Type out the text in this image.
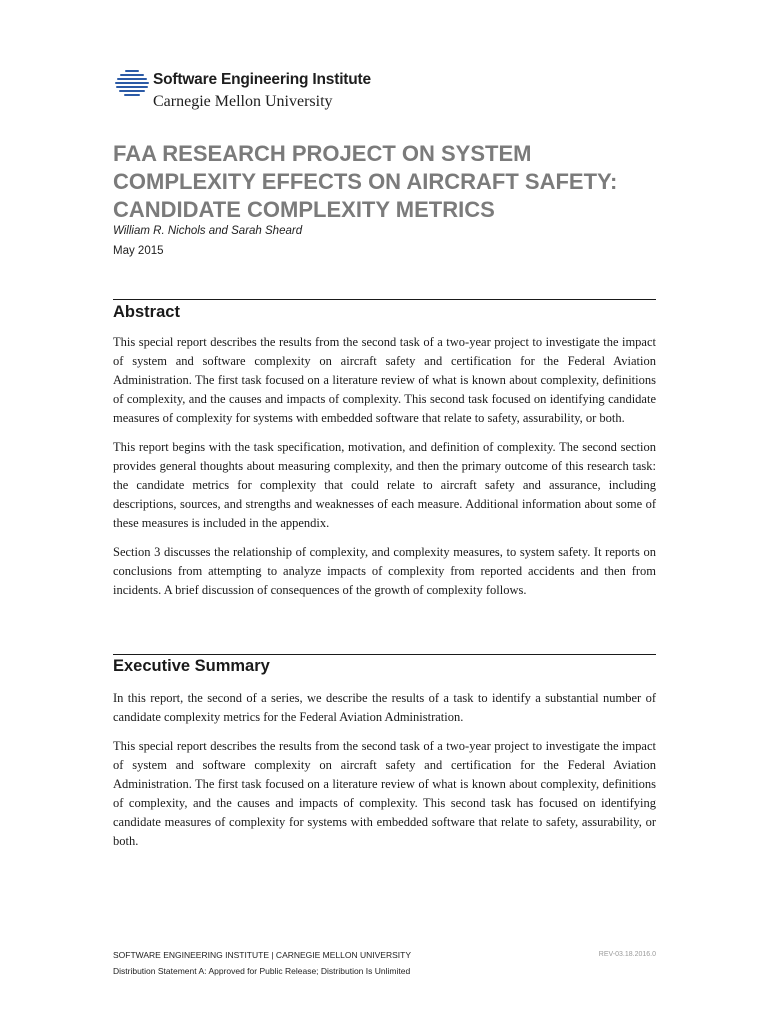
Software Engineering Institute
Carnegie Mellon University
FAA RESEARCH PROJECT ON SYSTEM COMPLEXITY EFFECTS ON AIRCRAFT SAFETY: CANDIDATE COMPLEXITY METRICS

William R. Nichols and Sarah Sheard

May 2015

Abstract

This special report describes the results from the second task of a two-year project to investigate the impact of system and software complexity on aircraft safety and certification for the Federal Aviation Administration. The first task focused on a literature review of what is known about complexity, definitions of complexity, and the causes and impacts of complexity. This second task focused on identifying candidate measures of complexity for systems with embedded software that relate to safety, assurability, or both.

This report begins with the task specification, motivation, and definition of complexity. The second section provides general thoughts about measuring complexity, and then the primary outcome of this research task: the candidate metrics for complexity that could relate to aircraft safety and assurance, including descriptions, sources, and strengths and weaknesses of each measure. Additional information about some of these measures is included in the appendix.

Section 3 discusses the relationship of complexity, and complexity measures, to system safety. It reports on conclusions from attempting to analyze impacts of complexity from reported accidents and then from incidents. A brief discussion of consequences of the growth of complexity follows.

Executive Summary

In this report, the second of a series, we describe the results of a task to identify a substantial number of candidate complexity metrics for the Federal Aviation Administration.

This special report describes the results from the second task of a two-year project to investigate the impact of system and software complexity on aircraft safety and certification for the Federal Aviation Administration. The first task focused on a literature review of what is known about complexity, definitions of complexity, and the causes and impacts of complexity. This second task has focused on identifying candidate measures of complexity for systems with embedded software that relate to safety, assurability, or both.

SOFTWARE ENGINEERING INSTITUTE | CARNEGIE MELLON UNIVERSITY

Distribution Statement A: Approved for Public Release; Distribution Is Unlimited

REV-03.18.2016.0
